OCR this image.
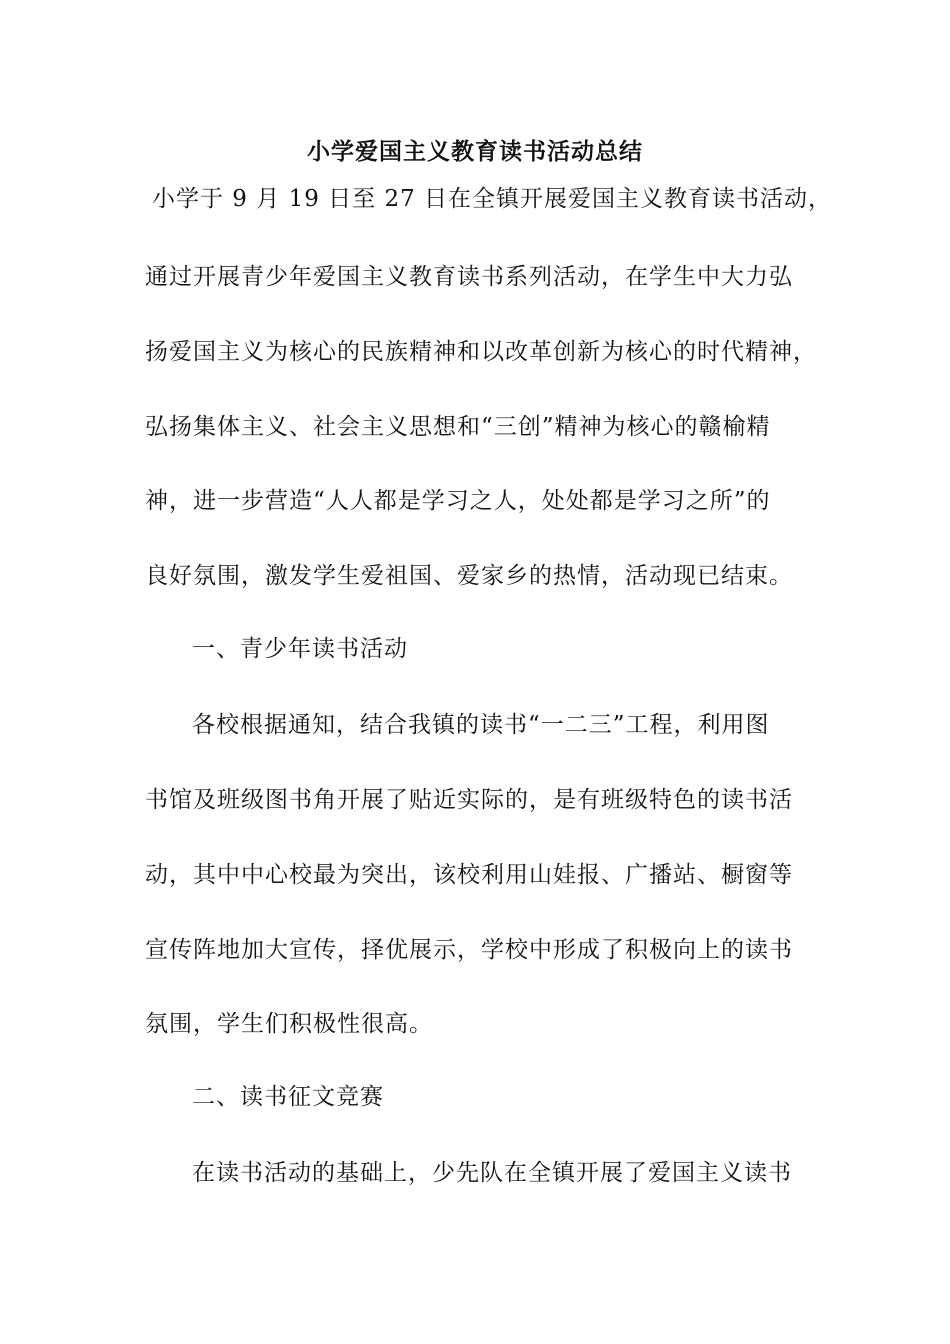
小学爱国主义教育读书活动总结
小学于 9 月 19 日至 27 日在全镇开展爱国主义教育读书活动，
通过开展青少年爱国主义教育读书系列活动，在学生中大力弘
扬爱国主义为核心的民族精神和以改革创新为核心的时代精神，
弘扬集体主义、社会主义思想和“三创”精神为核心的赣榆精
神，进一步营造“人人都是学习之人，处处都是学习之所”的
良好氛围，激发学生爱祖国、爱家乡的热情，活动现已结束。
一、青少年读书活动
各校根据通知，结合我镇的读书“一二三”工程，利用图
书馆及班级图书角开展了贴近实际的，是有班级特色的读书活
动，其中中心校最为突出，该校利用山娃报、广播站、橱窗等
宣传阵地加大宣传，择优展示，学校中形成了积极向上的读书
氛围，学生们积极性很高。
二、读书征文竞赛
在读书活动的基础上，少先队在全镇开展了爱国主义读书
